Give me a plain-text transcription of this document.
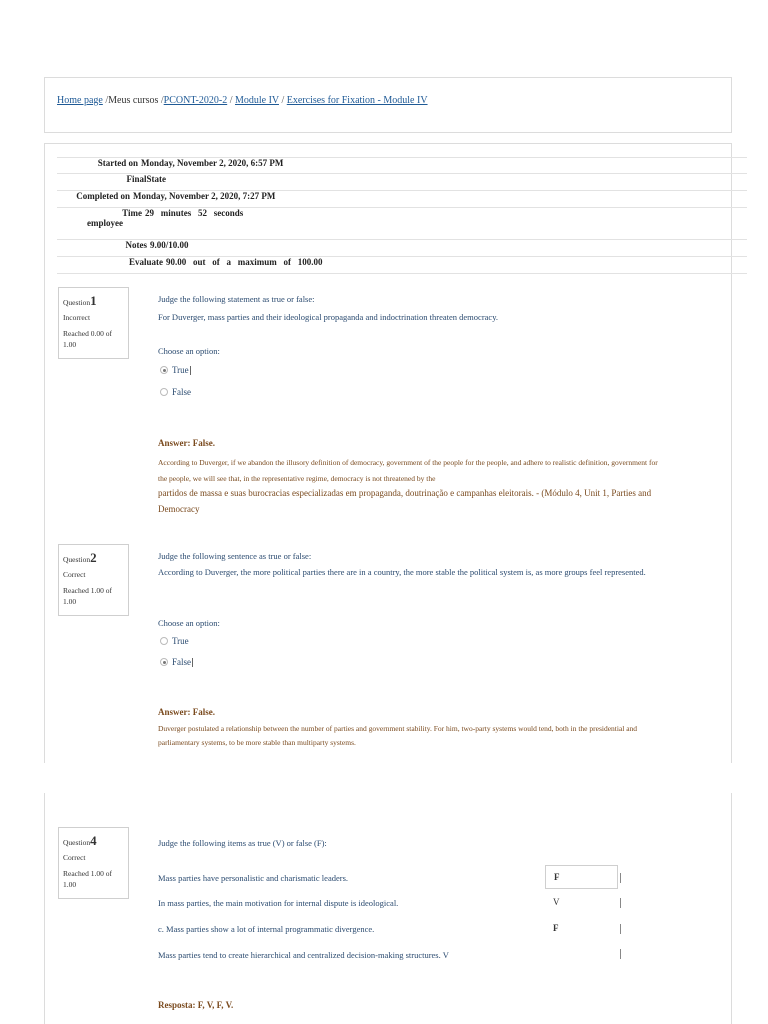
Home page /Meus cursos /PCONT-2020-2 / Module IV / Exercises for Fixation - Module IV
Started on Monday, November 2, 2020, 6:57 PM
FinalState
Completed on Monday, November 2, 2020, 7:27 PM
Time 29   minutes   52   seconds
employee
Notes 9.00/10.00
Evaluate 90.00   out   of   a   maximum   of   100.00
Question1
Incorrect
Reached 0.00 of 1.00
Judge the following statement as true or false:
For Duverger, mass parties and their ideological propaganda and indoctrination threaten democracy.
Choose an option:
True
False
Answer: False.
According to Duverger, if we abandon the illusory definition of democracy, government of the people for the people, and adhere to realistic definition, government for the people, we will see that, in the representative regime, democracy is not threatened by the
partidos de massa e suas burocracias especializadas em propaganda, doutrinação e campanhas eleitorais. - (Módulo 4, Unit 1, Parties and Democracy
Question2
Correct
Reached 1.00 of 1.00
Judge the following sentence as true or false:
According to Duverger, the more political parties there are in a country, the more stable the political system is, as more groups feel represented.
Choose an option:
True
False
Answer: False.
Duverger postulated a relationship between the number of parties and government stability. For him, two-party systems would tend, both in the presidential and parliamentary systems, to be more stable than multiparty systems.
Question4
Correct
Reached 1.00 of 1.00
Judge the following items as true (V) or false (F):
Mass parties have personalistic and charismatic leaders.	F
In mass parties, the main motivation for internal dispute is ideological.	V
c. Mass parties show a lot of internal programmatic divergence.	F
Mass parties tend to create hierarchical and centralized decision-making structures. V
Resposta: F, V, F, V.
